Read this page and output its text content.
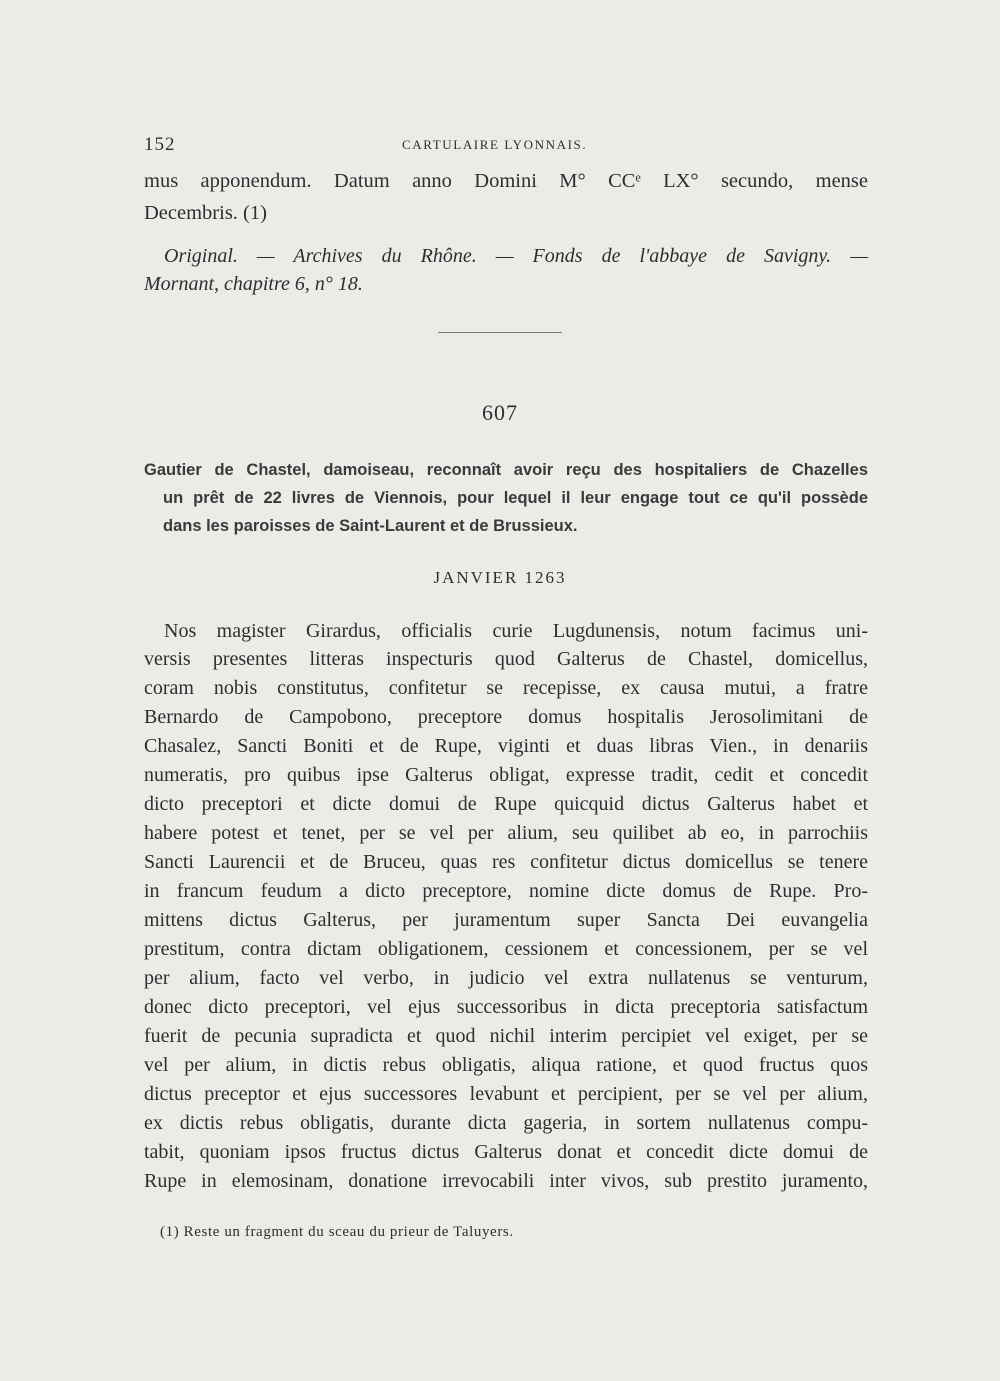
152	CARTULAIRE LYONNAIS.
mus apponendum. Datum anno Domini M° CCᵉ LX° secundo, mense
Decembris. (1)
Original. — Archives du Rhône. — Fonds de l'abbaye de Savigny. —
Mornant, chapitre 6, n° 18.
607
Gautier de Chastel, damoiseau, reconnaît avoir reçu des hospitaliers de Chazelles
un prêt de 22 livres de Viennois, pour lequel il leur engage tout ce qu'il possède
dans les paroisses de Saint-Laurent et de Brussieux.
JANVIER 1263
Nos magister Girardus, officialis curie Lugdunensis, notum facimus uni-
versis presentes litteras inspecturis quod Galterus de Chastel, domicellus,
coram nobis constitutus, confitetur se recepisse, ex causa mutui, a fratre
Bernardo de Campobono, preceptore domus hospitalis Jerosolimitani de
Chasalez, Sancti Boniti et de Rupe, viginti et duas libras Vien., in denariis
numeratis, pro quibus ipse Galterus obligat, expresse tradit, cedit et concedit
dicto preceptori et dicte domui de Rupe quicquid dictus Galterus habet et
habere potest et tenet, per se vel per alium, seu quilibet ab eo, in parrochiis
Sancti Laurencii et de Bruceu, quas res confitetur dictus domicellus se tenere
in francum feudum a dicto preceptore, nomine dicte domus de Rupe. Pro-
mittens dictus Galterus, per juramentum super Sancta Dei euvangelia
prestitum, contra dictam obligationem, cessionem et concessionem, per se vel
per alium, facto vel verbo, in judicio vel extra nullatenus se venturum,
donec dicto preceptori, vel ejus successoribus in dicta preceptoria satisfactum
fuerit de pecunia supradicta et quod nichil interim percipiet vel exiget, per se
vel per alium, in dictis rebus obligatis, aliqua ratione, et quod fructus quos
dictus preceptor et ejus successores levabunt et percipient, per se vel per alium,
ex dictis rebus obligatis, durante dicta gageria, in sortem nullatenus compu-
tabit, quoniam ipsos fructus dictus Galterus donat et concedit dicte domui de
Rupe in elemosinam, donatione irrevocabili inter vivos, sub prestito juramento,
(1) Reste un fragment du sceau du prieur de Taluyers.
